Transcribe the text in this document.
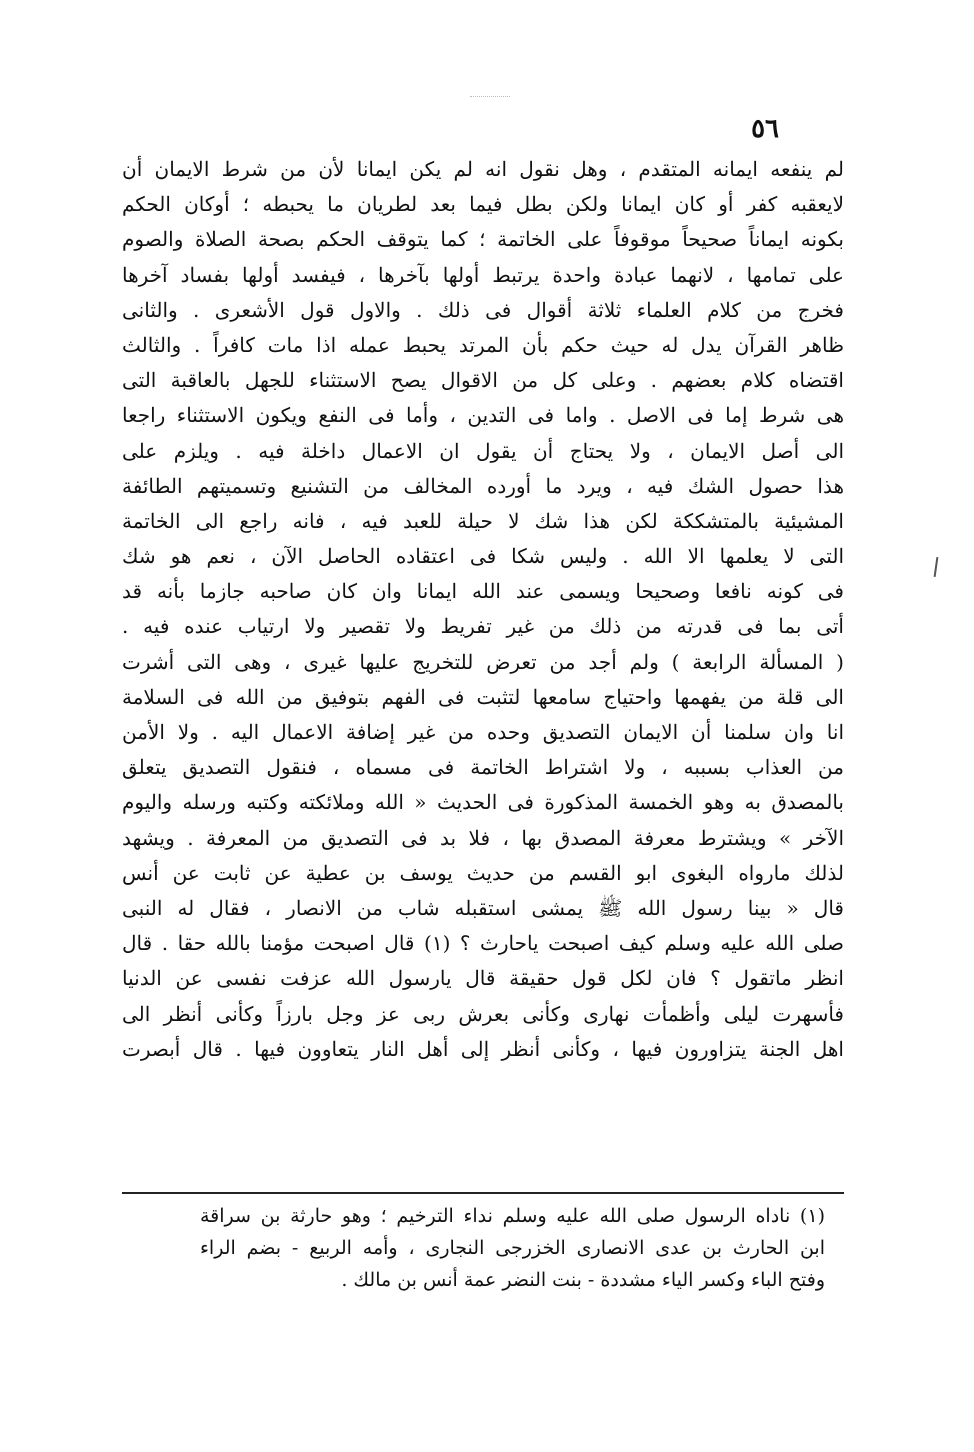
٥٦
لم ينفعه ايمانه المتقدم ، وهل نقول انه لم يكن ايمانا لأن من شرط الايمان أن
لايعقبه كفر أو كان ايمانا ولكن بطل فيما بعد لطريان ما يحبطه ؛ أوكان الحكم
بكونه ايماناً صحيحاً موقوفاً على الخاتمة ؛ كما يتوقف الحكم بصحة الصلاة والصوم
على تمامها ، لانهما عبادة واحدة يرتبط أولها بآخرها ، فيفسد أولها بفساد آخرها
فخرج من كلام العلماء ثلاثة أقوال فى ذلك . والاول قول الأشعرى . والثانى
ظاهر القرآن يدل له حيث حكم بأن المرتد يحبط عمله اذا مات كافراً . والثالث
اقتضاه كلام بعضهم . وعلى كل من الاقوال يصح الاستثناء للجهل بالعاقبة التى
هى شرط إما فى الاصل . واما فى التدين ، وأما فى النفع ويكون الاستثناء راجعا
الى أصل الايمان ، ولا يحتاج أن يقول ان الاعمال داخلة فيه . ويلزم على
هذا حصول الشك فيه ، ويرد ما أورده المخالف من التشنيع وتسميتهم الطائفة
المشيئية بالمتشككة لكن هذا شك لا حيلة للعبد فيه ، فانه راجع الى الخاتمة
التى لا يعلمها الا الله . وليس شكا فى اعتقاده الحاصل الآن ، نعم هو شك
فى كونه نافعا وصحيحا ويسمى عند الله ايمانا وان كان صاحبه جازما بأنه قد
أتى بما فى قدرته من ذلك من غير تفريط ولا تقصير ولا ارتياب عنده فيه .
( المسألة الرابعة ) ولم أجد من تعرض للتخريج عليها غيرى ، وهى التى أشرت
الى قلة من يفهمها واحتياج سامعها لتثبت فى الفهم بتوفيق من الله فى السلامة
انا وان سلمنا أن الايمان التصديق وحده من غير إضافة الاعمال اليه . ولا الأمن
من العذاب بسببه ، ولا اشتراط الخاتمة فى مسماه ، فنقول التصديق يتعلق
بالمصدق به وهو الخمسة المذكورة فى الحديث « الله وملائكته وكتبه ورسله واليوم
الآخر » ويشترط معرفة المصدق بها ، فلا بد فى التصديق من المعرفة . ويشهد
لذلك مارواه البغوى ابو القسم من حديث يوسف بن عطية عن ثابت عن أنس
قال « بينا رسول الله ﷺ يمشى استقبله شاب من الانصار ، فقال له النبى
صلى الله عليه وسلم كيف اصبحت ياحارث ؟ (١) قال اصبحت مؤمنا بالله حقا . قال
انظر ماتقول ؟ فان لكل قول حقيقة قال يارسول الله عزفت نفسى عن الدنيا
فأسهرت ليلى وأظمأت نهارى وكأنى بعرش ربى عز وجل بارزاً وكأنى أنظر الى
اهل الجنة يتزاورون فيها ، وكأنى أنظر إلى أهل النار يتعاوون فيها . قال أبصرت
(١) ناداه الرسول صلى الله عليه وسلم نداء الترخيم ؛ وهو حارثة بن سراقة
ابن الحارث بن عدى الانصارى الخزرجى النجارى ، وأمه الربيع - بضم الراء
وفتح الباء وكسر الياء مشددة - بنت النضر عمة أنس بن مالك .
